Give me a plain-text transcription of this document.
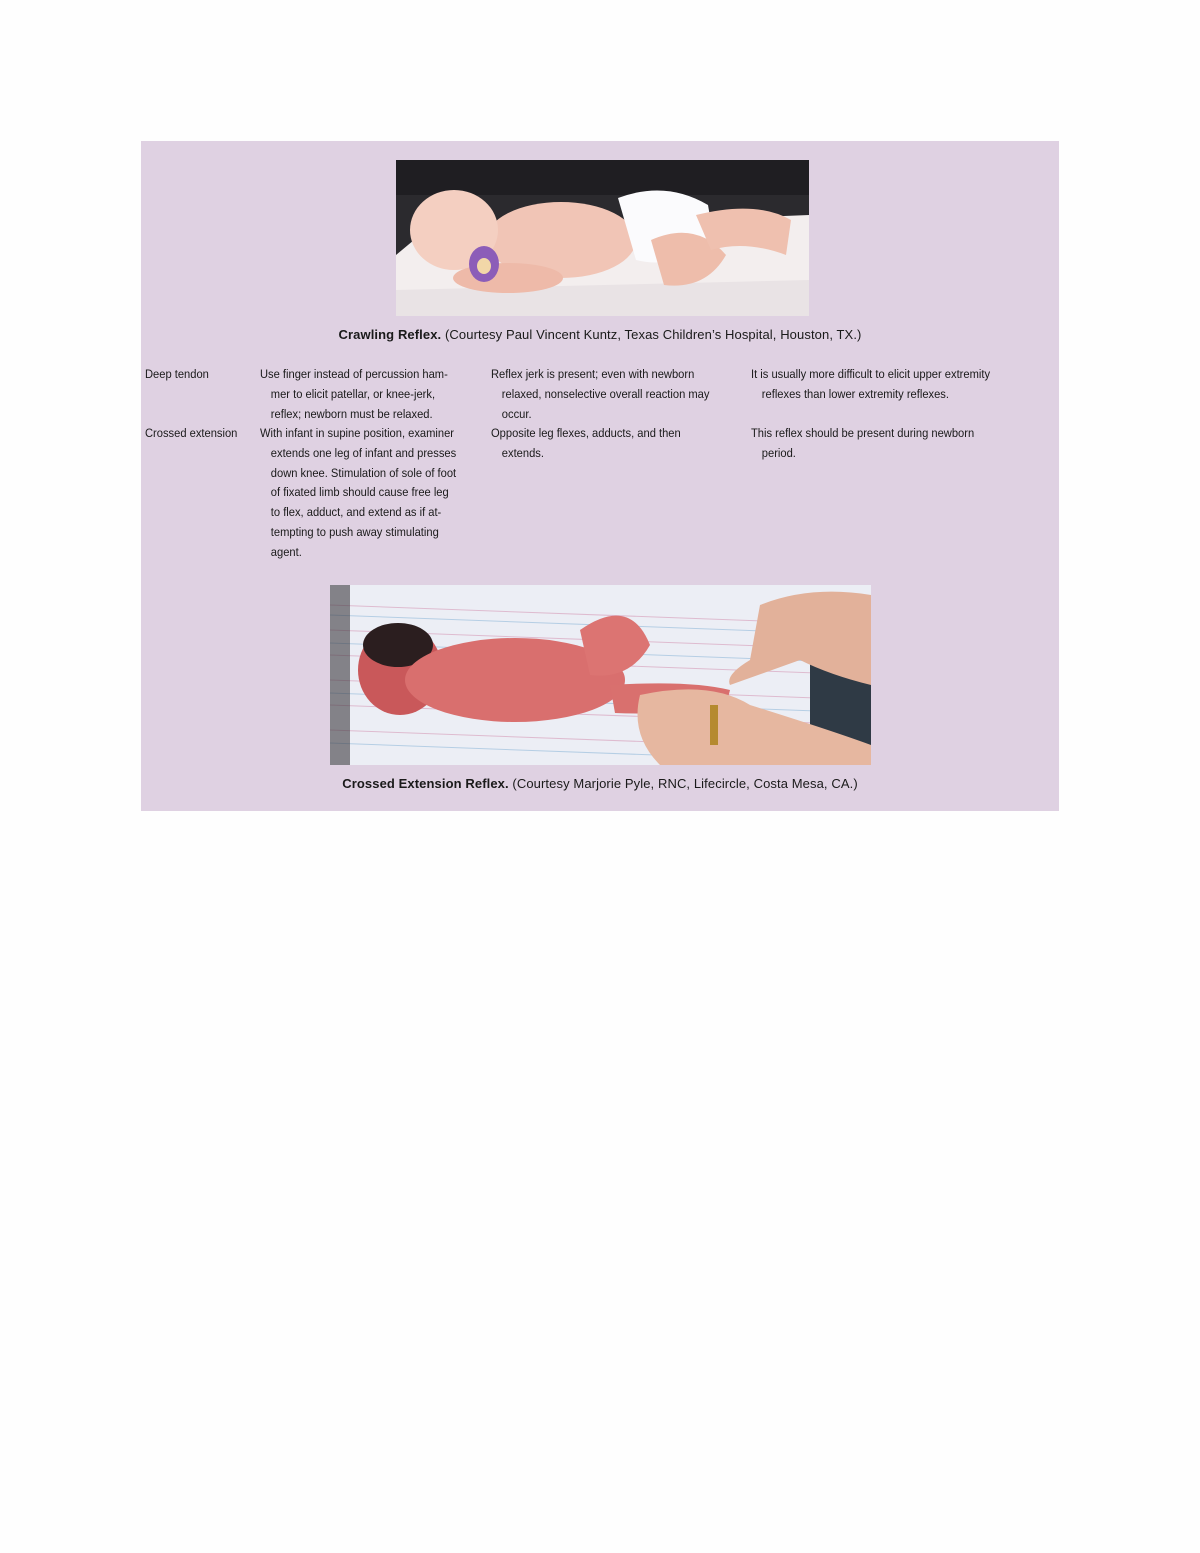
Crawling Reflex. (Courtesy Paul Vincent Kuntz, Texas Children’s Hospital, Houston, TX.)
Deep tendon	Use finger instead of percussion ham-
mer to elicit patellar, or knee-jerk,
reflex; newborn must be relaxed.
Reflex jerk is present; even with newborn
relaxed, nonselective overall reaction may
occur.
It is usually more difficult to elicit upper extremity
reflexes than lower extremity reflexes.
Crossed extension	With infant in supine position, examiner
extends one leg of infant and presses
down knee. Stimulation of sole of foot
of fixated limb should cause free leg
to flex, adduct, and extend as if at-
tempting to push away stimulating
agent.
Opposite leg flexes, adducts, and then
extends.
This reflex should be present during newborn
period.
Crossed Extension Reflex. (Courtesy Marjorie Pyle, RNC, Lifecircle, Costa Mesa, CA.)
